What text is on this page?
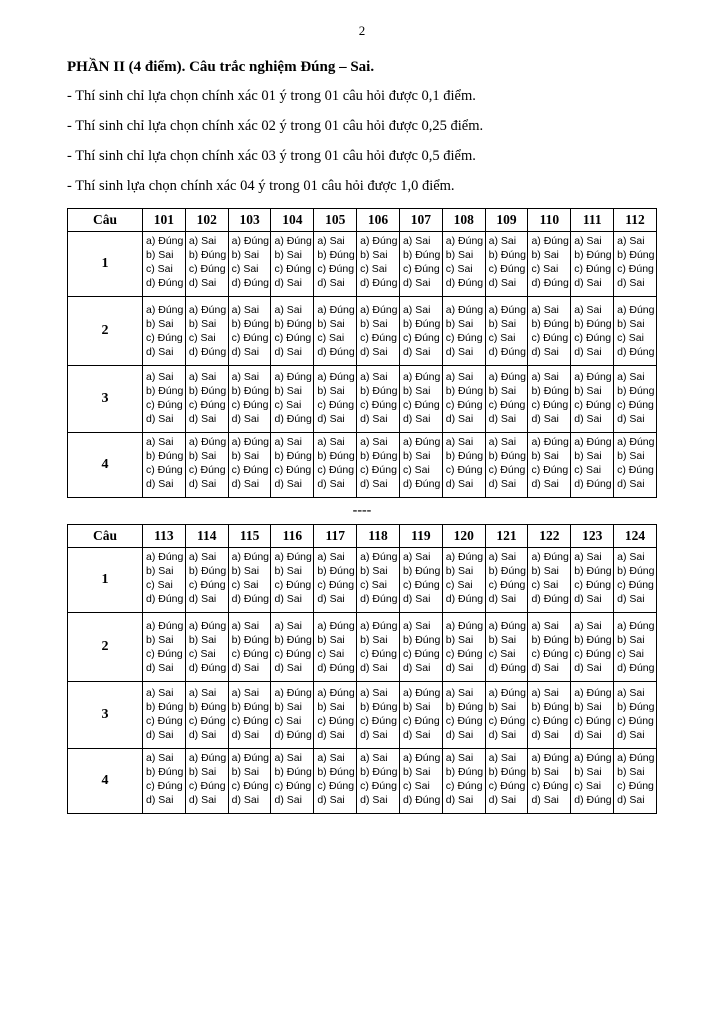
2
PHẦN II (4 điểm). Câu trắc nghiệm Đúng – Sai.

- Thí sinh chỉ lựa chọn chính xác 01 ý trong 01 câu hỏi được 0,1 điểm.

- Thí sinh chỉ lựa chọn chính xác 02 ý trong 01 câu hỏi được 0,25 điểm.

- Thí sinh chỉ lựa chọn chính xác 03 ý trong 01 câu hỏi được 0,5 điểm.

- Thí sinh lựa chọn chính xác 04 ý trong 01 câu hỏi được 1,0 điểm.

Câu	101	102	103	104	105	106	107	108	109	110	111	112
1	
a) Đúng
b) Sai
c) Sai
d) Đúng

a) Sai
b) Đúng
c) Đúng
d) Sai

a) Đúng
b) Sai
c) Sai
d) Đúng

a) Đúng
b) Sai
c) Đúng
d) Sai

a) Sai
b) Đúng
c) Đúng
d) Sai

a) Đúng
b) Sai
c) Sai
d) Đúng

a) Sai
b) Đúng
c) Đúng
d) Sai

a) Đúng
b) Sai
c) Sai
d) Đúng

a) Sai
b) Đúng
c) Đúng
d) Sai

a) Đúng
b) Sai
c) Sai
d) Đúng

a) Sai
b) Đúng
c) Đúng
d) Sai

a) Sai
b) Đúng
c) Đúng
d) Sai

2	
a) Đúng
b) Sai
c) Đúng
d) Sai

a) Đúng
b) Sai
c) Sai
d) Đúng

a) Sai
b) Đúng
c) Đúng
d) Sai

a) Sai
b) Đúng
c) Đúng
d) Sai

a) Đúng
b) Sai
c) Sai
d) Đúng

a) Đúng
b) Sai
c) Đúng
d) Sai

a) Sai
b) Đúng
c) Đúng
d) Sai

a) Đúng
b) Sai
c) Đúng
d) Sai

a) Đúng
b) Sai
c) Sai
d) Đúng

a) Sai
b) Đúng
c) Đúng
d) Sai

a) Sai
b) Đúng
c) Đúng
d) Sai

a) Đúng
b) Sai
c) Sai
d) Đúng

3	
a) Sai
b) Đúng
c) Đúng
d) Sai

a) Sai
b) Đúng
c) Đúng
d) Sai

a) Sai
b) Đúng
c) Đúng
d) Sai

a) Đúng
b) Sai
c) Sai
d) Đúng

a) Đúng
b) Sai
c) Đúng
d) Sai

a) Sai
b) Đúng
c) Đúng
d) Sai

a) Đúng
b) Sai
c) Đúng
d) Sai

a) Sai
b) Đúng
c) Đúng
d) Sai

a) Đúng
b) Sai
c) Đúng
d) Sai

a) Sai
b) Đúng
c) Đúng
d) Sai

a) Đúng
b) Sai
c) Đúng
d) Sai

a) Sai
b) Đúng
c) Đúng
d) Sai

4	
a) Sai
b) Đúng
c) Đúng
d) Sai

a) Đúng
b) Sai
c) Đúng
d) Sai

a) Đúng
b) Sai
c) Đúng
d) Sai

a) Sai
b) Đúng
c) Đúng
d) Sai

a) Sai
b) Đúng
c) Đúng
d) Sai

a) Sai
b) Đúng
c) Đúng
d) Sai

a) Đúng
b) Sai
c) Sai
d) Đúng

a) Sai
b) Đúng
c) Đúng
d) Sai

a) Sai
b) Đúng
c) Đúng
d) Sai

a) Đúng
b) Sai
c) Đúng
d) Sai

a) Đúng
b) Sai
c) Sai
d) Đúng

a) Đúng
b) Sai
c) Đúng
d) Sai
----
Câu	113	114	115	116	117	118	119	120	121	122	123	124
1	
a) Đúng
b) Sai
c) Sai
d) Đúng

a) Sai
b) Đúng
c) Đúng
d) Sai

a) Đúng
b) Sai
c) Sai
d) Đúng

a) Đúng
b) Sai
c) Đúng
d) Sai

a) Sai
b) Đúng
c) Đúng
d) Sai

a) Đúng
b) Sai
c) Sai
d) Đúng

a) Sai
b) Đúng
c) Đúng
d) Sai

a) Đúng
b) Sai
c) Sai
d) Đúng

a) Sai
b) Đúng
c) Đúng
d) Sai

a) Đúng
b) Sai
c) Sai
d) Đúng

a) Sai
b) Đúng
c) Đúng
d) Sai

a) Sai
b) Đúng
c) Đúng
d) Sai

2	
a) Đúng
b) Sai
c) Đúng
d) Sai

a) Đúng
b) Sai
c) Sai
d) Đúng

a) Sai
b) Đúng
c) Đúng
d) Sai

a) Sai
b) Đúng
c) Đúng
d) Sai

a) Đúng
b) Sai
c) Sai
d) Đúng

a) Đúng
b) Sai
c) Đúng
d) Sai

a) Sai
b) Đúng
c) Đúng
d) Sai

a) Đúng
b) Sai
c) Đúng
d) Sai

a) Đúng
b) Sai
c) Sai
d) Đúng

a) Sai
b) Đúng
c) Đúng
d) Sai

a) Sai
b) Đúng
c) Đúng
d) Sai

a) Đúng
b) Sai
c) Sai
d) Đúng

3	
a) Sai
b) Đúng
c) Đúng
d) Sai

a) Sai
b) Đúng
c) Đúng
d) Sai

a) Sai
b) Đúng
c) Đúng
d) Sai

a) Đúng
b) Sai
c) Sai
d) Đúng

a) Đúng
b) Sai
c) Đúng
d) Sai

a) Sai
b) Đúng
c) Đúng
d) Sai

a) Đúng
b) Sai
c) Đúng
d) Sai

a) Sai
b) Đúng
c) Đúng
d) Sai

a) Đúng
b) Sai
c) Đúng
d) Sai

a) Sai
b) Đúng
c) Đúng
d) Sai

a) Đúng
b) Sai
c) Đúng
d) Sai

a) Sai
b) Đúng
c) Đúng
d) Sai

4	
a) Sai
b) Đúng
c) Đúng
d) Sai

a) Đúng
b) Sai
c) Đúng
d) Sai

a) Đúng
b) Sai
c) Đúng
d) Sai

a) Sai
b) Đúng
c) Đúng
d) Sai

a) Sai
b) Đúng
c) Đúng
d) Sai

a) Sai
b) Đúng
c) Đúng
d) Sai

a) Đúng
b) Sai
c) Sai
d) Đúng

a) Sai
b) Đúng
c) Đúng
d) Sai

a) Sai
b) Đúng
c) Đúng
d) Sai

a) Đúng
b) Sai
c) Đúng
d) Sai

a) Đúng
b) Sai
c) Sai
d) Đúng

a) Đúng
b) Sai
c) Đúng
d) Sai
